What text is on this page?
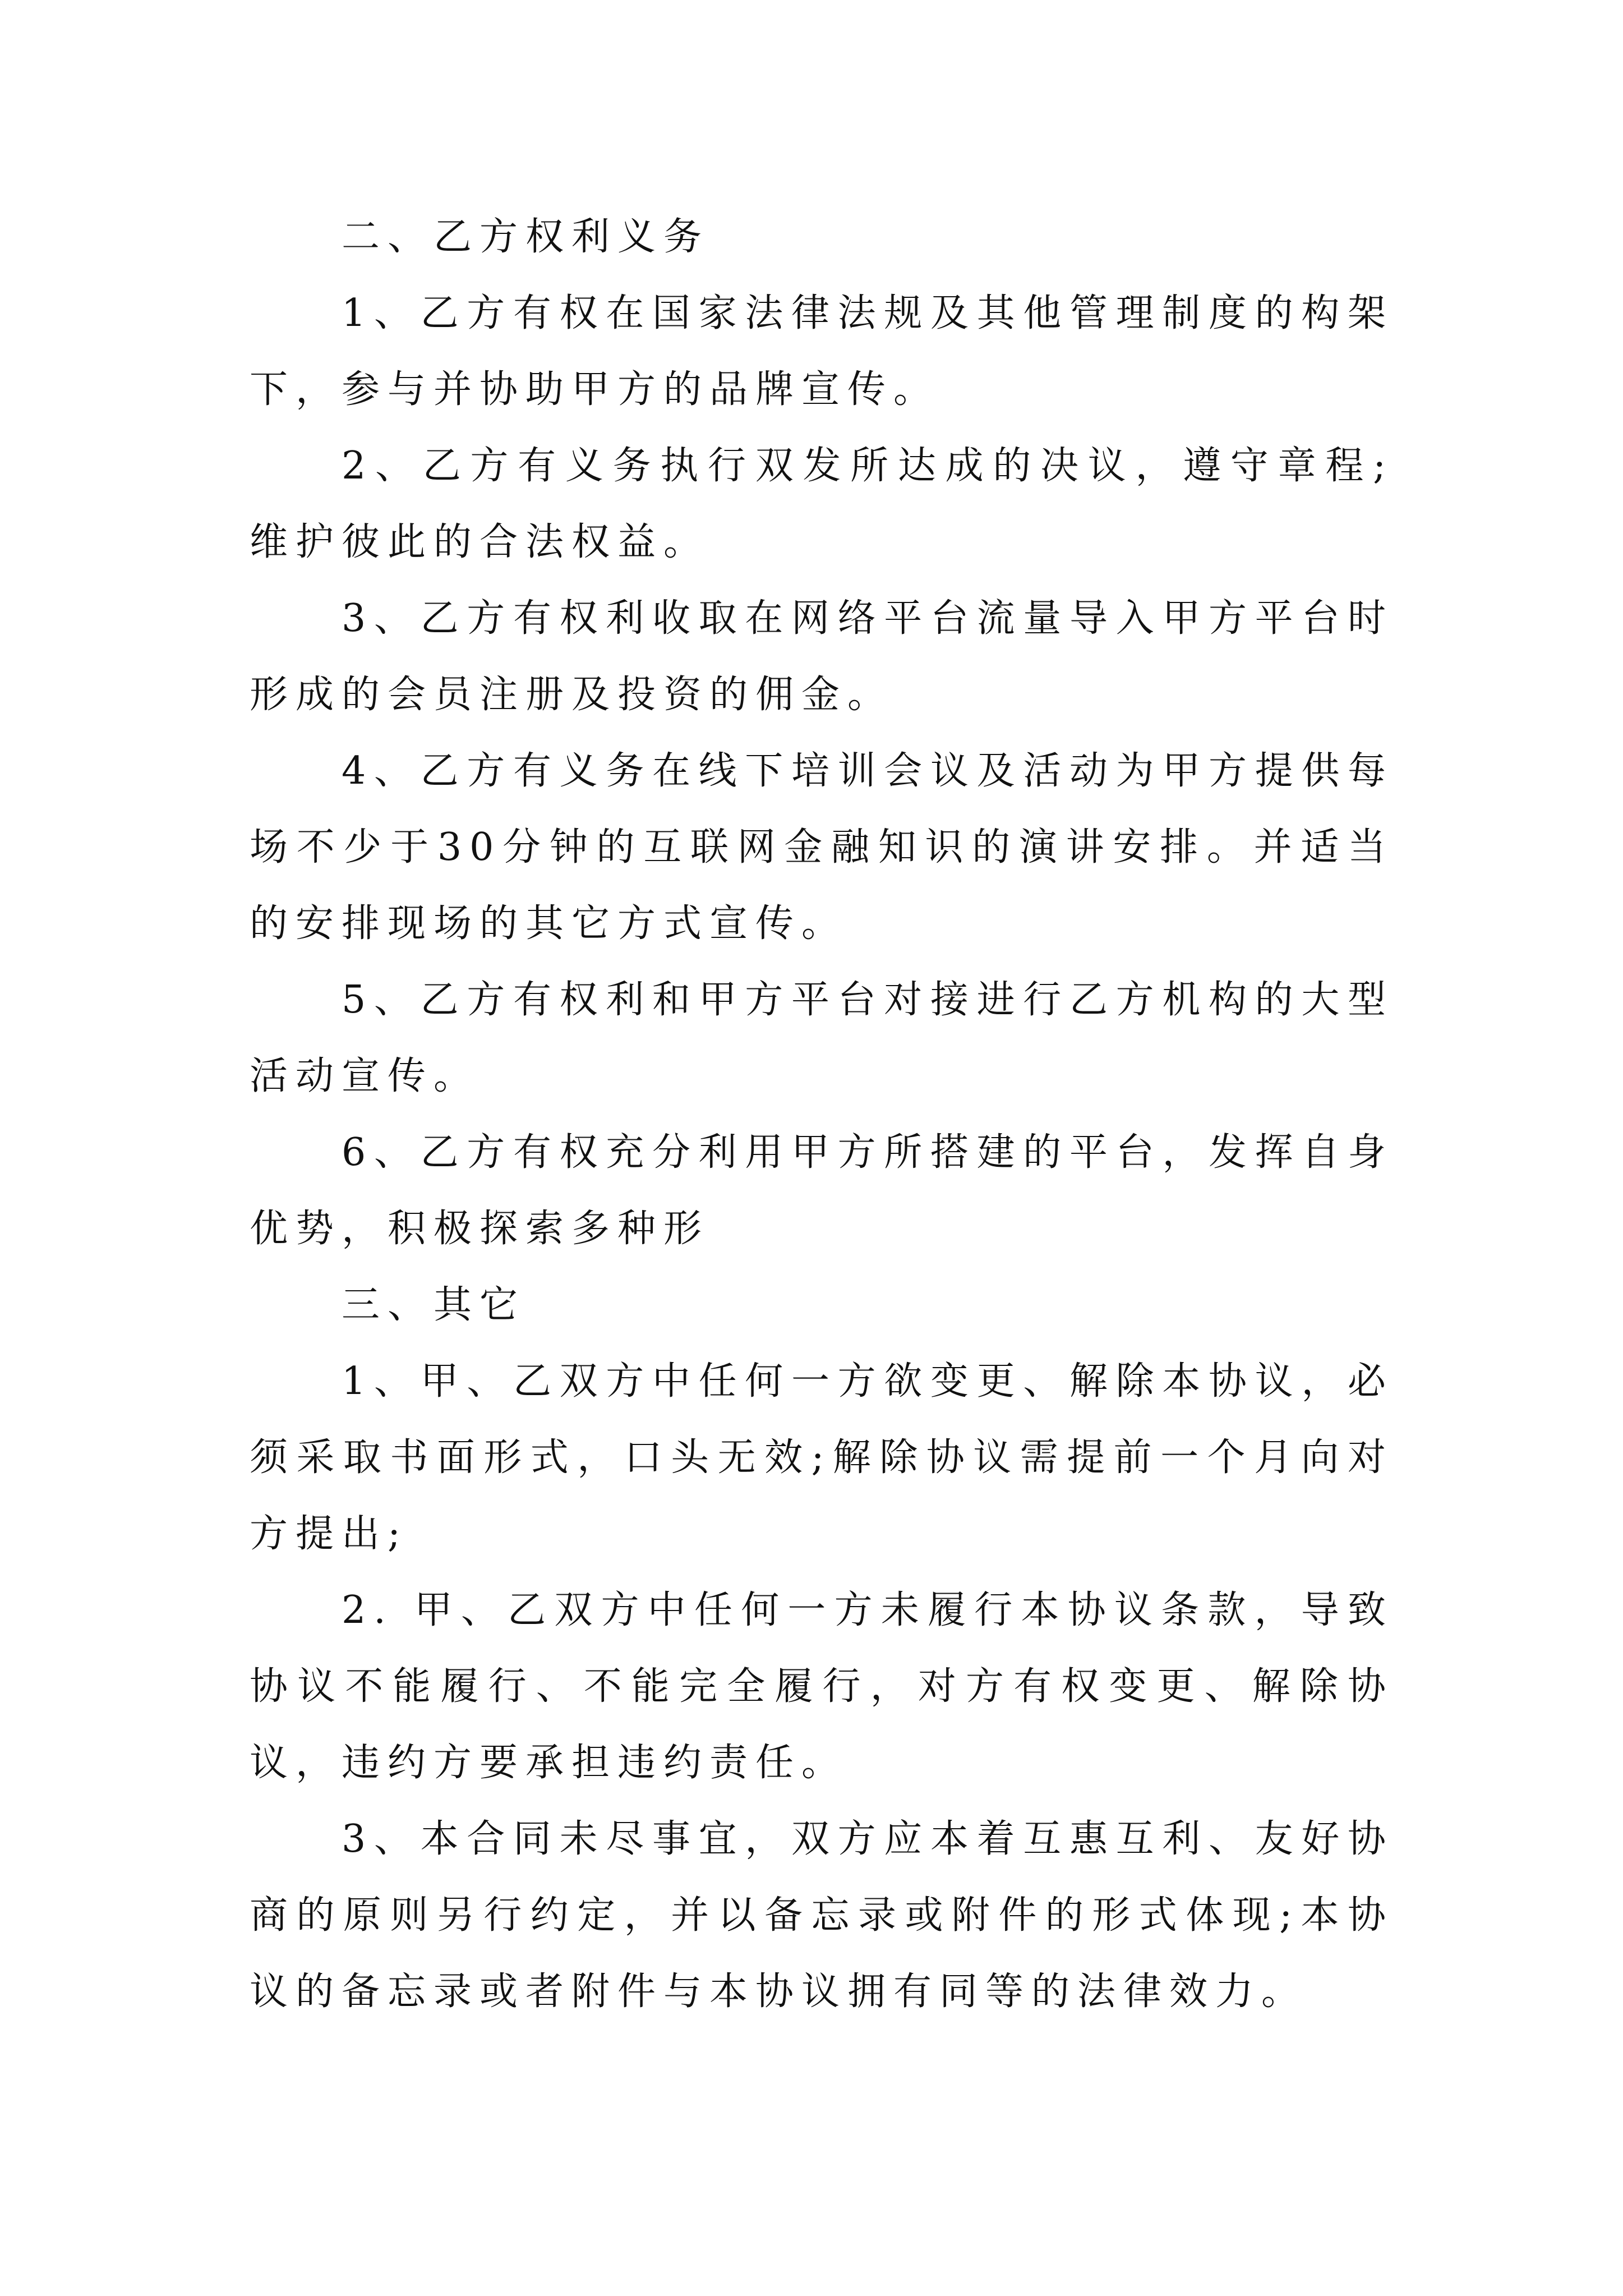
二、乙方权利义务

1、乙方有权在国家法律法规及其他管理制度的构架下，参与并协助甲方的品牌宣传。

2、乙方有义务执行双发所达成的决议，遵守章程;维护彼此的合法权益。

3、乙方有权利收取在网络平台流量导入甲方平台时形成的会员注册及投资的佣金。

4、乙方有义务在线下培训会议及活动为甲方提供每场不少于30分钟的互联网金融知识的演讲安排。并适当的安排现场的其它方式宣传。

5、乙方有权利和甲方平台对接进行乙方机构的大型活动宣传。

6、乙方有权充分利用甲方所搭建的平台，发挥自身优势，积极探索多种形

三、其它

1、甲、乙双方中任何一方欲变更、解除本协议，必须采取书面形式，口头无效;解除协议需提前一个月向对方提出;

2. 甲、乙双方中任何一方未履行本协议条款，导致协议不能履行、不能完全履行，对方有权变更、解除协议，违约方要承担违约责任。

3、本合同未尽事宜，双方应本着互惠互利、友好协商的原则另行约定，并以备忘录或附件的形式体现;本协议的备忘录或者附件与本协议拥有同等的法律效力。
